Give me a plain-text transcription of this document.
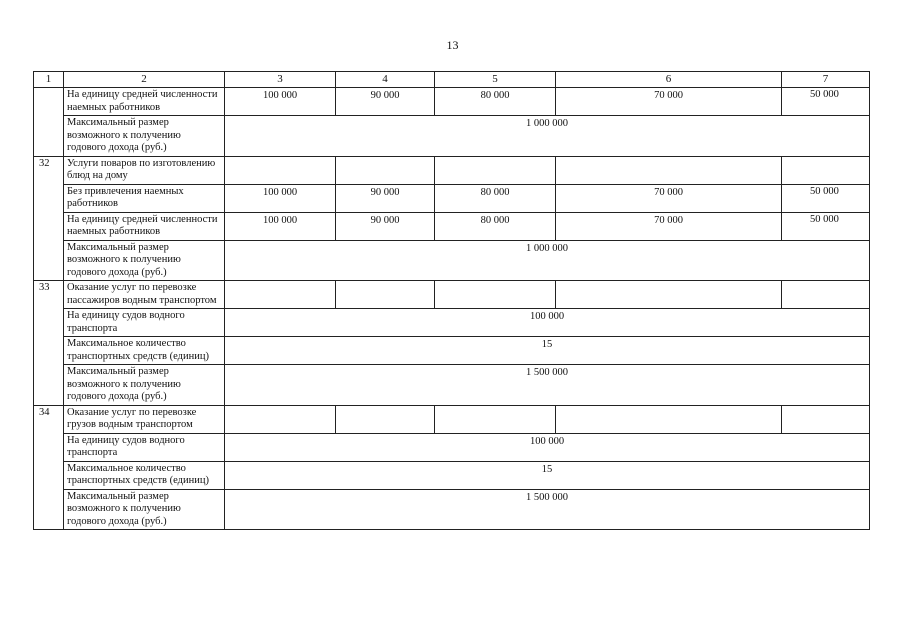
13
1	2	3	4	5	6	7
	На единицу средней численности наемных работников	100 000	90 000	80 000	70 000	50 000
	Максимальный размер возможного к получению годового дохода (руб.)	1 000 000				
32	Услуги поваров по изготовлению блюд на дому					
	Без привлечения наемных работников	100 000	90 000	80 000	70 000	50 000
	На единицу средней численности наемных работников	100 000	90 000	80 000	70 000	50 000
	Максимальный размер возможного к получению годового дохода (руб.)	1 000 000				
33	Оказание услуг по перевозке пассажиров водным транспортом					
	На единицу судов водного транспорта	100 000				
	Максимальное количество транспортных средств (единиц)	15				
	Максимальный размер возможного к получению годового дохода (руб.)	1 500 000				
34	Оказание услуг по перевозке грузов водным транспортом					
	На единицу судов водного транспорта	100 000				
	Максимальное количество транспортных средств (единиц)	15				
	Максимальный размер возможного к получению годового дохода (руб.)	1 500 000				
